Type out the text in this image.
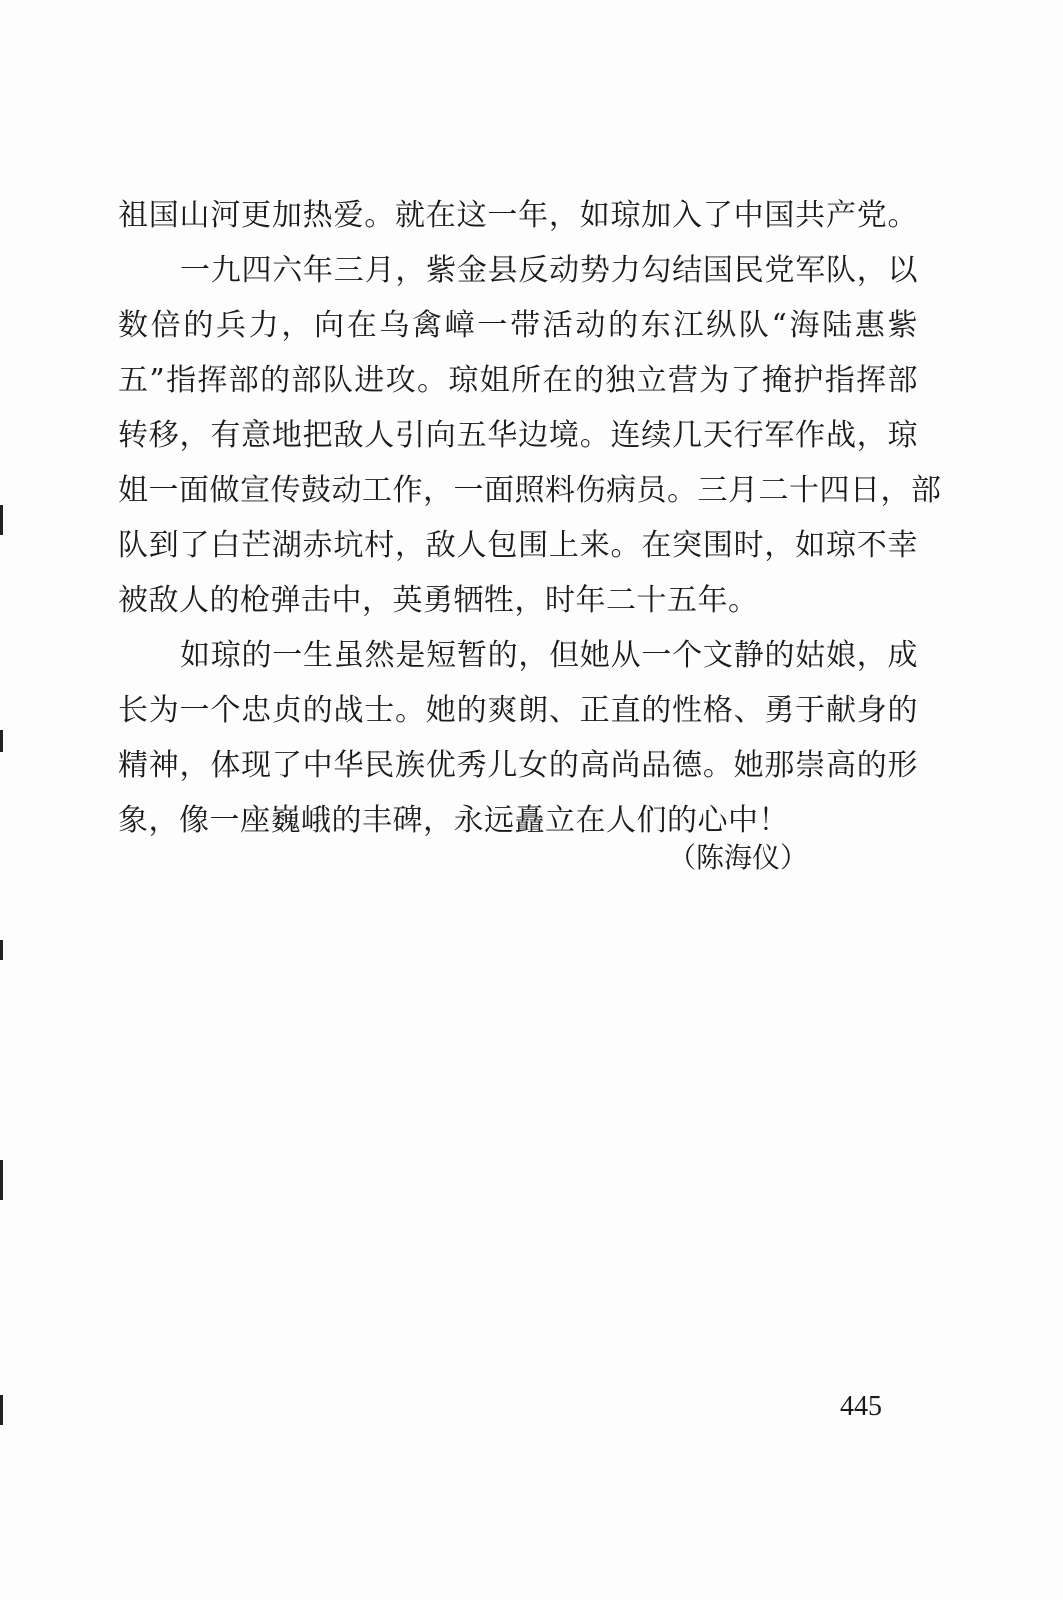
祖国山河更加热爱。就在这一年，如琼加入了中国共产党。
一九四六年三月，紫金县反动势力勾结国民党军队，以
数倍的兵力，向在乌禽嶂一带活动的东江纵队“海陆惠紫
五”指挥部的部队进攻。琼姐所在的独立营为了掩护指挥部
转移，有意地把敌人引向五华边境。连续几天行军作战，琼
姐一面做宣传鼓动工作，一面照料伤病员。三月二十四日，部
队到了白芒湖赤坑村，敌人包围上来。在突围时，如琼不幸
被敌人的枪弹击中，英勇牺牲，时年二十五年。
如琼的一生虽然是短暂的，但她从一个文静的姑娘，成
长为一个忠贞的战士。她的爽朗、正直的性格、勇于献身的
精神，体现了中华民族优秀儿女的高尚品德。她那崇高的形
象，像一座巍峨的丰碑，永远矗立在人们的心中！
（陈海仪）
445
